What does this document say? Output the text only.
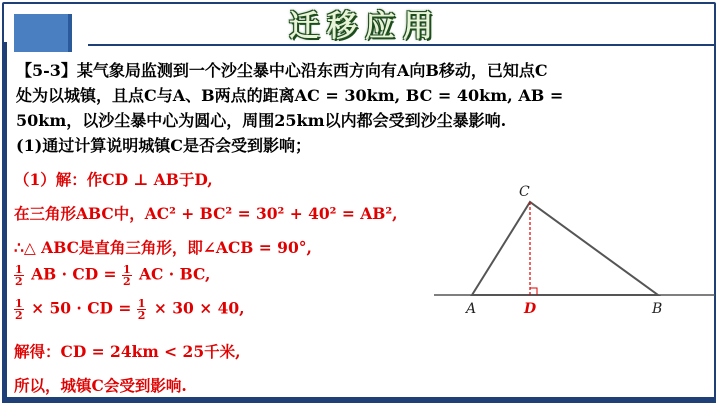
迁移应用
【5-3】某气象局监测到一个沙尘暴中心沿东西方向有A向B移动，已知点C
处为以城镇，且点C与A、B两点的距离AC = 30km, BC = 40km, AB =
50km，以沙尘暴中心为圆心，周围25km以内都会受到沙尘暴影响.
(1)通过计算说明城镇C是否会受到影响；
（1）解：作CD ⊥ AB于D,
在三角形ABC中，AC² + BC² = 30² + 40² = AB²,
∴△ ABC是直角三角形，即∠ACB = 90°,
$\frac{1}{2}$ AB · CD = $\frac{1}{2}$ AC · BC,
$\frac{1}{2} \times 50$ · CD = $\frac{1}{2} \times 30 \times 40$,
解得：CD = 24km < 25千米,
所以，城镇C会受到影响.
C
A	D	B
